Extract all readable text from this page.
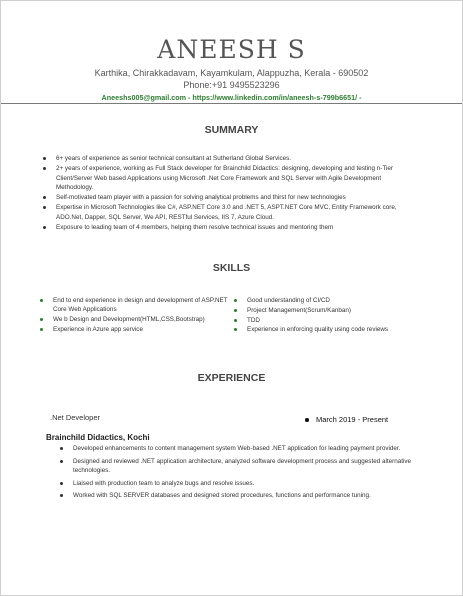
ANEESH S
Karthika, Chirakkadavam, Kayamkulam, Alappuzha, Kerala - 690502
Phone:+91 9495523296
Aneeshs005@gmail.com - https://www.linkedin.com/in/aneesh-s-799b6651/ -
SUMMARY
6+ years of experience as senior technical consultant at Sutherland Global Services.
2+ years of experience, working as Full Stack developer for Brainchild Didactics: designing, developing and testing n-Tier Client/Server Web based Applications using Microsoft .Net Core Framework and SQL Server with Agile Development Methodology.
Self-motivated team player with a passion for solving analytical problems and thirst for new technologies
Expertise in Microsoft Technologies like C#, ASP.NET Core 3.0 and .NET 5, ASPT.NET Core MVC, Entity Framework core, ADO.Net, Dapper, SQL Server, We API, RESTful Services, IIS 7, Azure Cloud.
Exposure to leading team of 4 members, helping them resolve technical issues and mentoring them
SKILLS
End to end experience in design and development of ASP.NET Core Web Applications
We b Design and Development(HTML,CSS,Bootstrap)
Experience in Azure app service
Good understanding of CI/CD
Project Management(Scrum/Kanban)
TDD
Experience in enforcing quality using code reviews
EXPERIENCE
.Net Developer	March 2019 - Present
Brainchild Didactics, Kochi
Developed enhancements to content management system Web-based .NET application for leading payment provider.
Designed and reviewed .NET application architecture, analyzed software development process and suggested alternative technologies.
Liaised with production team to analyze bugs and resolve issues.
Worked with SQL SERVER databases and designed stored procedures, functions and performance tuning.
